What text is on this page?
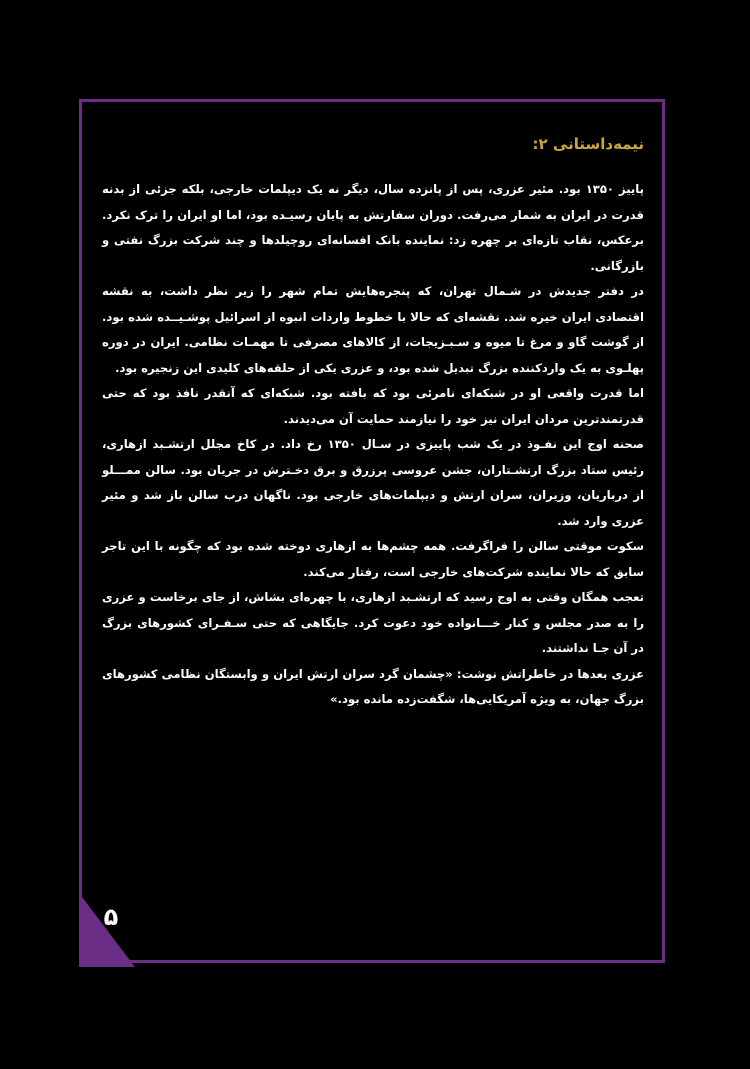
۵
نیمه‌داستانی ۲:

پاییز ۱۳۵۰ بود. مئیر عزری، پس از پانزده سال، دیگر نه یک دیپلمات خارجی، بلکه جزئی از بدنه قدرت در ایران به شمار می‌رفت. دوران سفارتش به پایان رسیـده بود، اما او ایران را ترک نکرد. برعکس، نقاب تازه‌ای بر چهره زد: نماینده بانک افسانه‌ای روچیلدها و چند شرکت بزرگ نفتی و بازرگانی.

در دفتر جدیدش در شـمال تهران، که پنجره‌هایش تمام شهر را زیر نظر داشت، به نقشه اقتصادی ایران خیره شد. نقشه‌ای که حالا با خطوط واردات انبوه از اسرائیل پوشـیــده شده بود. از گوشت گاو و مرغ تا میوه و سـبـزیجات، از کالاهای مصرفی تا مهمـات نظامی. ایران در دوره پهلـوی به یک واردکننده بزرگ تبدیل شده بود، و عزری یکی از حلقه‌های کلیدی این زنجیره بود.

اما قدرت واقعی او در شبکه‌ای نامرئی بود که بافته بود. شبکه‌ای که آنقدر نافذ بود که حتی قدرتمندترین مردان ایران نیز خود را نیازمند حمایت آن می‌دیدند.

صحنه اوج این نفـوذ در یک شب پاییزی در سـال ۱۳۵۰ رخ داد. در کاخ مجلل ارتشـبد ازهاری، رئیس ستاد بزرگ ارتشـتاران، جشن عروسی پرزرق و برق دخـترش در جریان بود. سالن ممـــلو از درباریان، وزیران، سران ارتش و دیپلمات‌های خارجی بود. ناگهان درب سالن باز شد و مئیر عزری وارد شد.

سکوت موقتی سالن را فراگرفت. همه چشم‌ها به ازهاری دوخته شده بود که چگونه با این تاجر سابق که حالا نماینده شرکت‌های خارجی است، رفتار می‌کند.

تعجب همگان وقتی به اوج رسید که ارتشـبد ازهاری، با چهره‌ای بشاش، از جای برخاست و عزری را به صدر مجلس و کنار خـــانواده خود دعوت کرد. جایگاهی که حتی سـفـرای کشورهای بزرگ در آن جـا نداشتند.

عزری بعدها در خاطراتش نوشت: «چشمان گرد سران ارتش ایران و وابستگان نظامی کشورهای بزرگ جهان، به ویژه آمریکایی‌ها، شگفت‌زده مانده بود.»
